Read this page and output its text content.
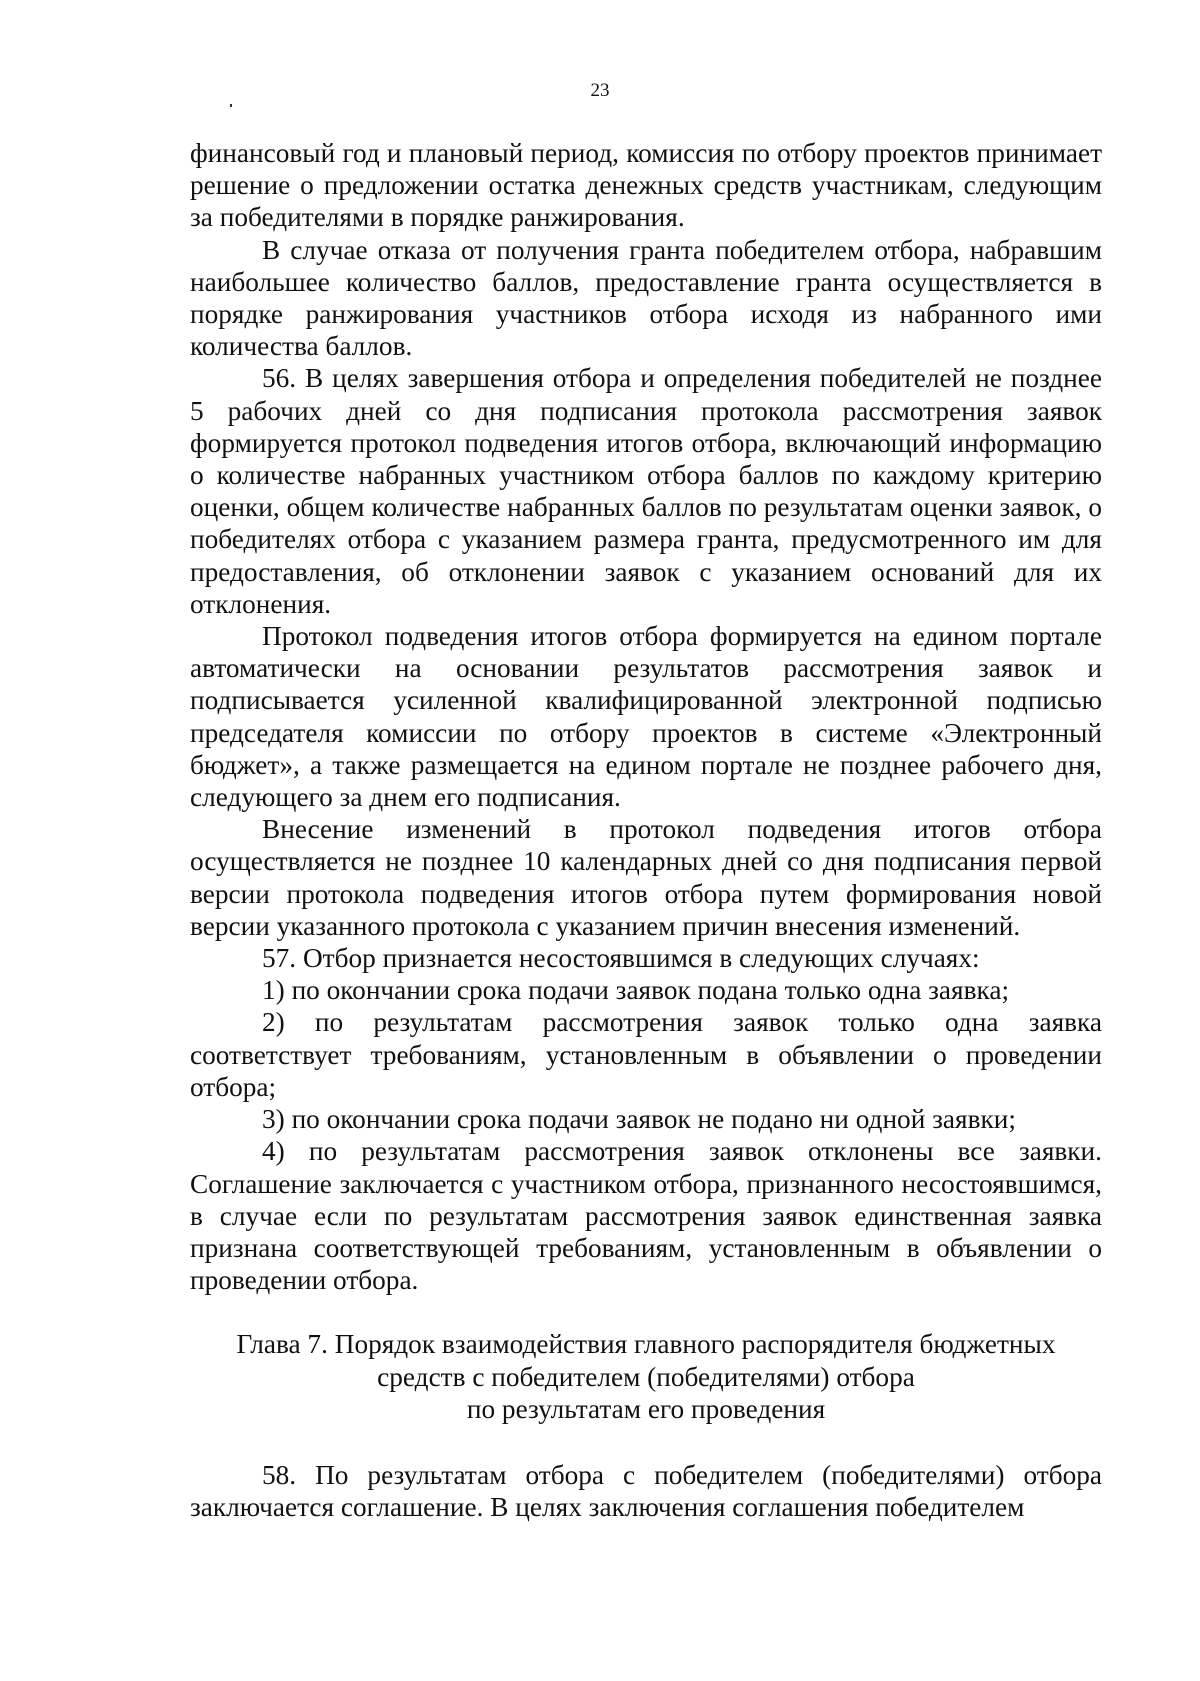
23

финансовый год и плановый период, комиссия по отбору проектов принимает решение о предложении остатка денежных средств участникам, следующим за победителями в порядке ранжирования.

В случае отказа от получения гранта победителем отбора, набравшим наибольшее количество баллов, предоставление гранта осуществляется в порядке ранжирования участников отбора исходя из набранного ими количества баллов.

56. В целях завершения отбора и определения победителей не позднее 5 рабочих дней со дня подписания протокола рассмотрения заявок формируется протокол подведения итогов отбора, включающий информацию о количестве набранных участником отбора баллов по каждому критерию оценки, общем количестве набранных баллов по результатам оценки заявок, о победителях отбора с указанием размера гранта, предусмотренного им для предоставления, об отклонении заявок с указанием оснований для их отклонения.

Протокол подведения итогов отбора формируется на едином портале автоматически на основании результатов рассмотрения заявок и подписывается усиленной квалифицированной электронной подписью председателя комиссии по отбору проектов в системе «Электронный бюджет», а также размещается на едином портале не позднее рабочего дня, следующего за днем его подписания.

Внесение изменений в протокол подведения итогов отбора осуществляется не позднее 10 календарных дней со дня подписания первой версии протокола подведения итогов отбора путем формирования новой версии указанного протокола с указанием причин внесения изменений.

57. Отбор признается несостоявшимся в следующих случаях:

1) по окончании срока подачи заявок подана только одна заявка;

2) по результатам рассмотрения заявок только одна заявка соответствует требованиям, установленным в объявлении о проведении отбора;

3) по окончании срока подачи заявок не подано ни одной заявки;

4) по результатам рассмотрения заявок отклонены все заявки. Соглашение заключается с участником отбора, признанного несостоявшимся, в случае если по результатам рассмотрения заявок единственная заявка признана соответствующей требованиям, установленным в объявлении о проведении отбора.

Глава 7. Порядок взаимодействия главного распорядителя бюджетных
средств с победителем (победителями) отбора
по результатам его проведения

58. По результатам отбора с победителем (победителями) отбора заключается соглашение. В целях заключения соглашения победителем
